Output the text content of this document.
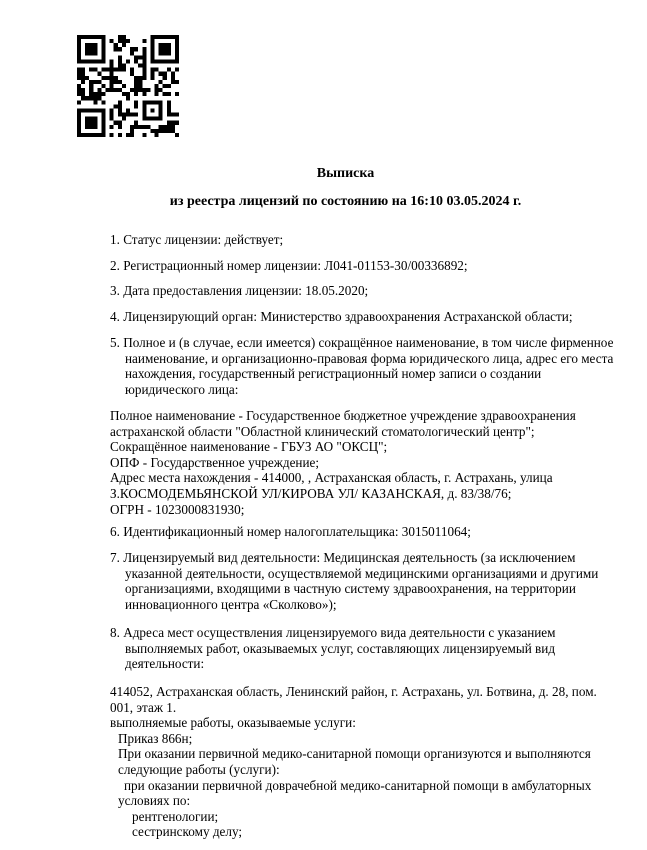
Выписка
из реестра лицензий по состоянию на 16:10 03.05.2024 г.
1. Статус лицензии: действует;
2. Регистрационный номер лицензии: Л041-01153-30/00336892;
3. Дата предоставления лицензии: 18.05.2020;
4. Лицензирующий орган: Министерство здравоохранения Астраханской области;
5. Полное и (в случае, если имеется) сокращённое наименование, в том числе фирменное
наименование, и организационно-правовая форма юридического лица, адрес его места
нахождения, государственный регистрационный номер записи о создании
юридического лица:
Полное наименование - Государственное бюджетное учреждение здравоохранения
астраханской области "Областной клинический стоматологический центр";
Сокращённое наименование - ГБУЗ АО "ОКСЦ";
ОПФ - Государственное учреждение;
Адрес места нахождения - 414000, , Астраханская область, г. Астрахань, улица
З.КОСМОДЕМЬЯНСКОЙ УЛ/КИРОВА УЛ/ КАЗАНСКАЯ, д. 83/38/76;
ОГРН - 1023000831930;
6. Идентификационный номер налогоплательщика: 3015011064;
7. Лицензируемый вид деятельности: Медицинская деятельность (за исключением
указанной деятельности, осуществляемой медицинскими организациями и другими
организациями, входящими в частную систему здравоохранения, на территории
инновационного центра «Сколково»);
8. Адреса мест осуществления лицензируемого вида деятельности с указанием
выполняемых работ, оказываемых услуг, составляющих лицензируемый вид
деятельности:
414052, Астраханская область, Ленинский район, г. Астрахань, ул. Ботвина, д. 28, пом.
001, этаж 1.
выполняемые работы, оказываемые услуги:
Приказ 866н;
При оказании первичной медико-санитарной помощи организуются и выполняются
следующие работы (услуги):
при оказании первичной доврачебной медико-санитарной помощи в амбулаторных
условиях по:
рентгенологии;
сестринскому делу;
